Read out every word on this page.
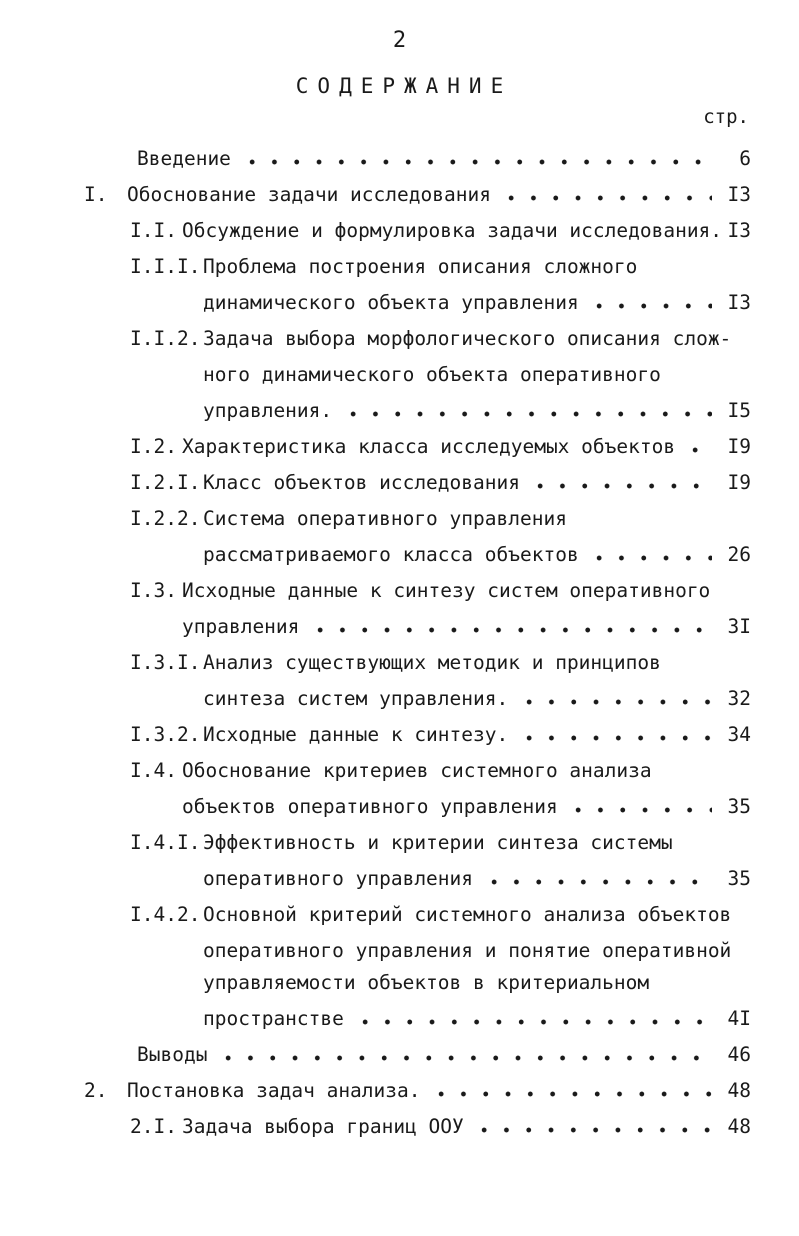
2
СОДЕРЖАНИЕ
стр.
Введение	6
I. Обоснование задачи исследования	I3
I.I. Обсуждение и формулировка задачи исследования. I3
I.I.I. Проблема построения описания сложного
динамического объекта управления	I3
I.I.2. Задача выбора морфологического описания слож-
ного динамического объекта оперативного
управления.	I5
I.2. Характеристика класса исследуемых объектов	I9
I.2.I. Класс объектов исследования	I9
I.2.2. Система оперативного управления
рассматриваемого класса объектов	26
I.3. Исходные данные к синтезу систем оперативного
управления	3I
I.3.I. Анализ существующих методик и принципов
синтеза систем управления.	32
I.3.2. Исходные данные к синтезу.	34
I.4. Обоснование критериев системного анализа
объектов оперативного управления	35
I.4.I. Эффективность и критерии синтеза системы
оперативного управления	35
I.4.2. Основной критерий системного анализа объектов
оперативного управления и понятие оперативной
управляемости объектов в критериальном
пространстве	4I
Выводы	46
2. Постановка задач анализа.	48
2.I. Задача выбора границ ООУ	48
